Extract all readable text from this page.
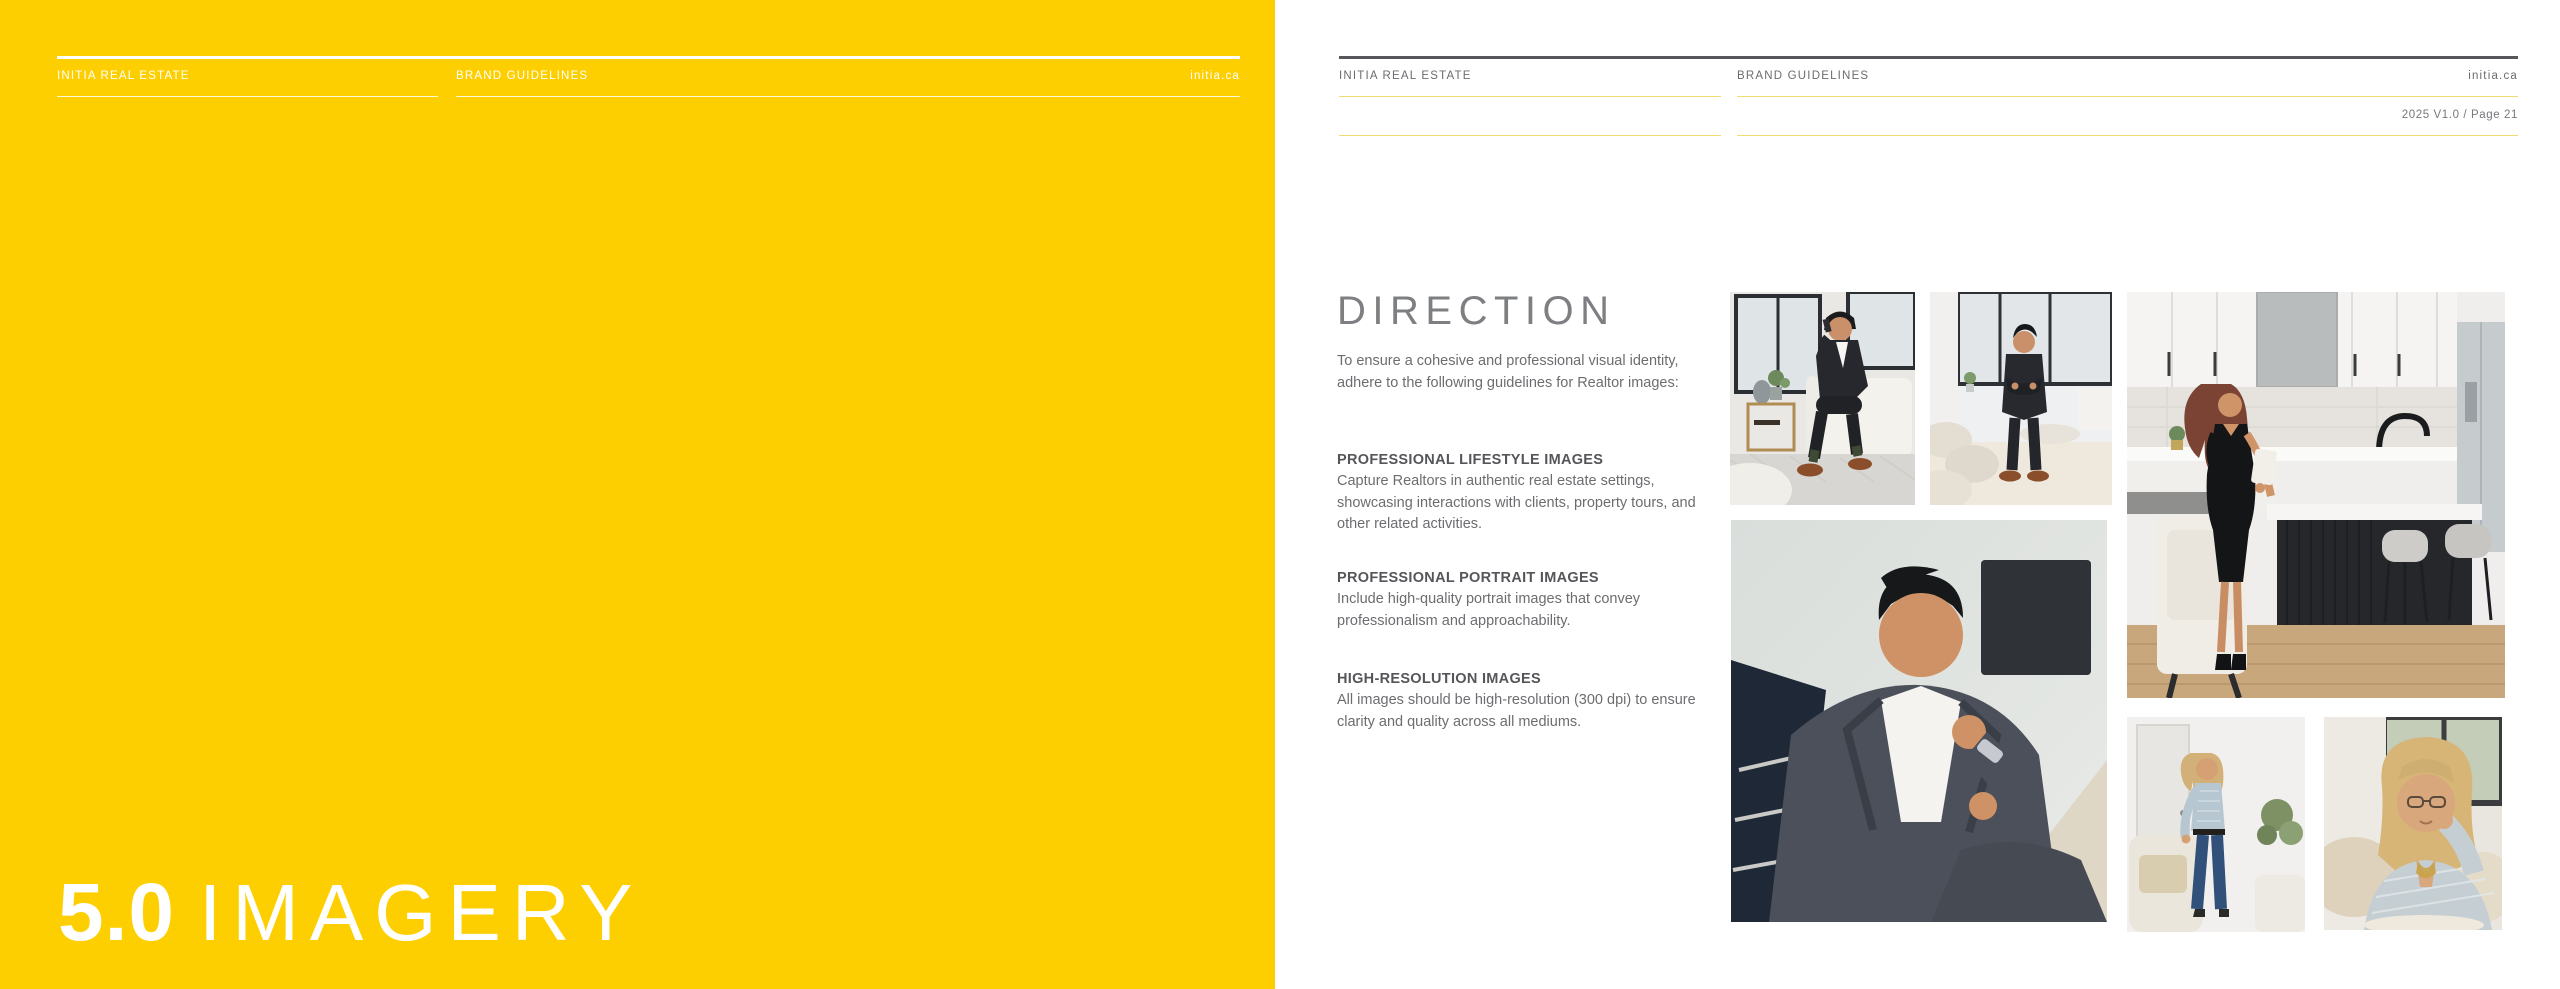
INITIA REAL ESTATE	BRAND GUIDELINES	initia.ca
5.0 IMAGERY
INITIA REAL ESTATE	BRAND GUIDELINES	initia.ca
2025 V1.0 / Page 21
DIRECTION

To ensure a cohesive and professional visual identity, adhere to the following guidelines for Realtor images:

PROFESSIONAL LIFESTYLE IMAGES

Capture Realtors in authentic real estate settings, showcasing interactions with clients, property tours, and other related activities.

PROFESSIONAL PORTRAIT IMAGES

Include high-quality portrait images that convey professionalism and approachability.

HIGH-RESOLUTION IMAGES

All images should be high-resolution (300 dpi) to ensure clarity and quality across all mediums.
